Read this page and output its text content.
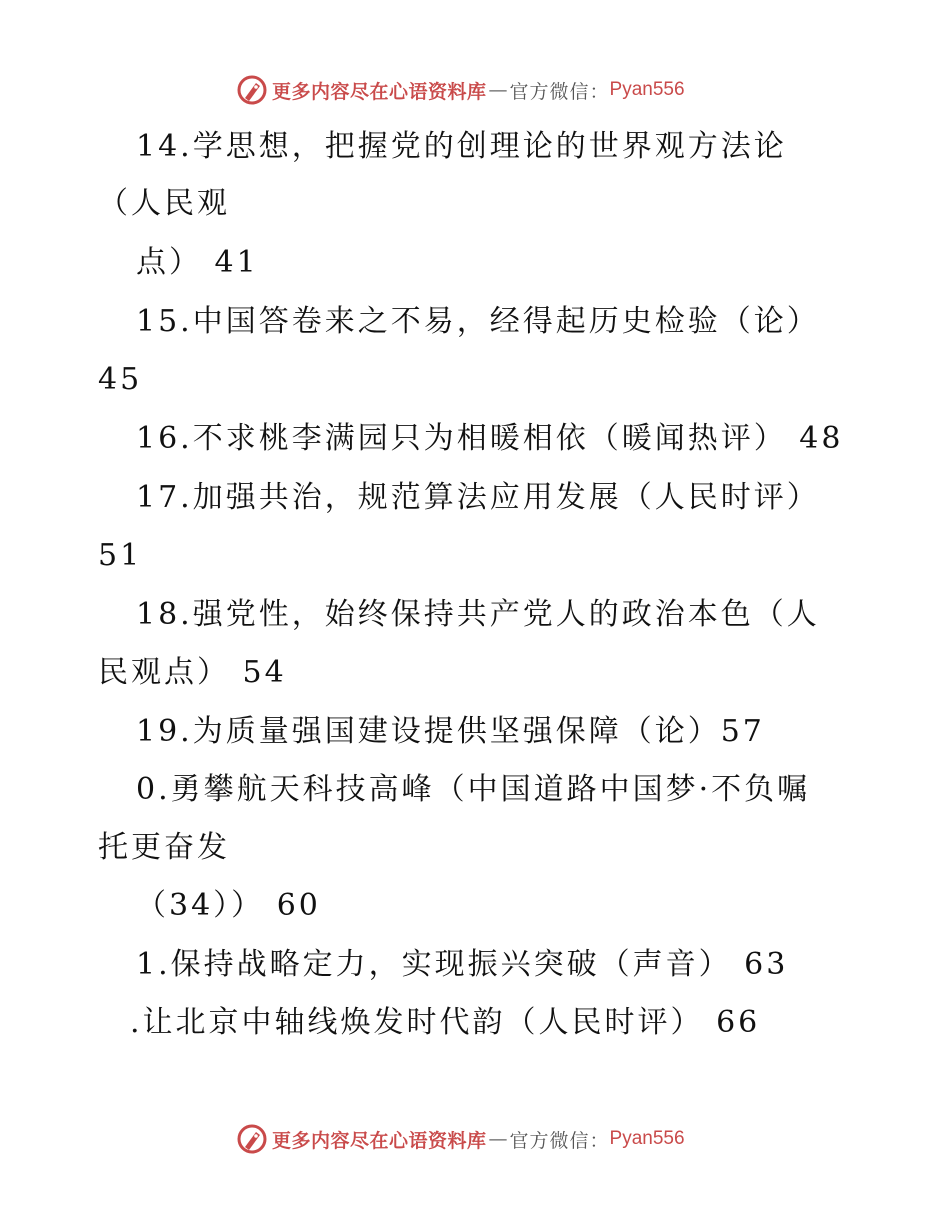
更多内容尽在心语资料库 — 官方微信： Pyan556
14.学思想，把握党的创理论的世界观方法论
（人民观
点） 41
15.中国答卷来之不易，经得起历史检验（论）
45
16.不求桃李满园只为相暖相依（暖闻热评） 48
17.加强共治，规范算法应用发展（人民时评）
51
18.强党性，始终保持共产党人的政治本色（人
民观点） 54
19.为质量强国建设提供坚强保障（论）57
0.勇攀航天科技高峰（中国道路中国梦·不负嘱
托更奋发
（34）） 60
1.保持战略定力，实现振兴突破（声音） 63
.让北京中轴线焕发时代韵（人民时评） 66
更多内容尽在心语资料库 — 官方微信： Pyan556
